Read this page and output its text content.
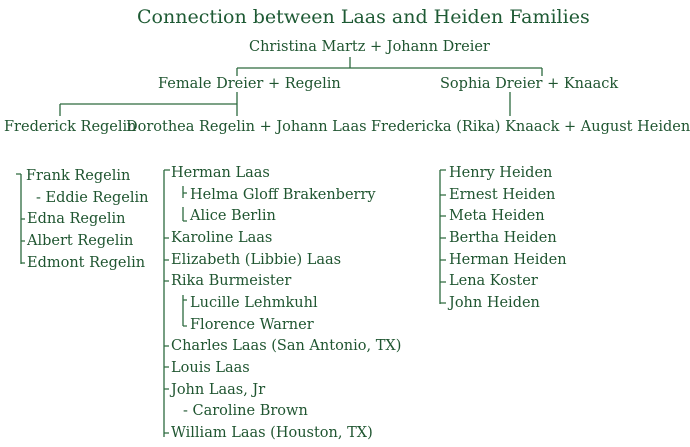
Connection between Laas and Heiden Families
Christina Martz + Johann Dreier
Female Dreier + Regelin	Sophia Dreier + Knaack
Frederick Regelin
Dorothea Regelin + Johann Laas Fredericka (Rika) Knaack + August Heiden
Frank Regelin
- Eddie Regelin
Edna Regelin
Albert Regelin
Edmont Regelin
Herman Laas
Helma Gloff Brakenberry
Alice Berlin
Karoline Laas
Elizabeth (Libbie) Laas
Rika Burmeister
Lucille Lehmkuhl
Florence Warner
Charles Laas (San Antonio, TX)
Louis Laas
John Laas, Jr
- Caroline Brown
William Laas (Houston, TX)
Henry Heiden
Ernest Heiden
Meta Heiden
Bertha Heiden
Herman Heiden
Lena Koster
John Heiden
